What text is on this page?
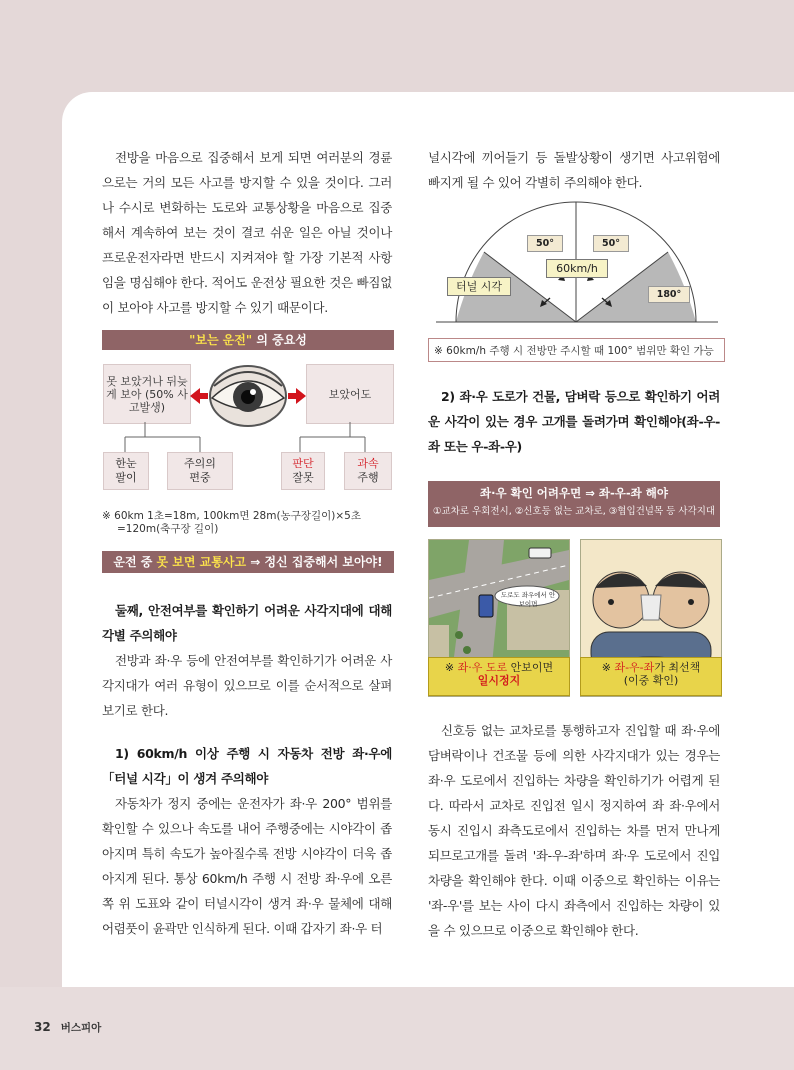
전방을 마음으로 집중해서 보게 되면 여러분의 경륜으로는 거의 모든 사고를 방지할 수 있을 것이다. 그러나 수시로 변화하는 도로와 교통상황을 마음으로 집중해서 계속하여 보는 것이 결코 쉬운 일은 아닐 것이나 프로운전자라면 반드시 지켜져야 할 가장 기본적 사항임을 명심해야 한다. 적어도 운전상 필요한 것은 빠짐없이 보아야 사고를 방지할 수 있기 때문이다.

"보는 운전" 의 중요성
못 보았거나 뒤늦게 보아 (50% 사고발생)
보았어도
한눈
팔이
주의의
편중
판단
잘못
과속
주행
※ 60km 1초=18m, 100km면 28m(농구장길이)×5초
=120m(축구장 길이)
운전 중 못 보면 교통사고 ⇒ 정신 집중해서 보아야!

둘째, 안전여부를 확인하기 어려운 사각지대에 대해 각별 주의해야

전방과 좌·우 등에 안전여부를 확인하기가 어려운 사각지대가 여러 유형이 있으므로 이를 순서적으로 살펴보기로 한다.

1) 60km/h 이상 주행 시 자동차 전방 좌·우에 「터널 시각」이 생겨 주의해야

자동차가 정지 중에는 운전자가 좌·우 200° 범위를 확인할 수 있으나 속도를 내어 주행중에는 시야각이 좁아지며 특히 속도가 높아질수록 전방 시야각이 더욱 좁아지게 된다. 통상 60km/h 주행 시 전방 좌·우에 오른쪽 위 도표와 같이 터널시각이 생겨 좌·우 물체에 대해 어렴풋이 윤곽만 인식하게 된다. 이때 갑자기 좌·우 터

널시각에 끼어들기 등 돌발상황이 생기면 사고위험에 빠지게 될 수 있어 각별히 주의해야 한다.

50°	50°
60km/h
터널 시각
180°
※ 60km/h 주행 시 전방만 주시할 때 100° 범위만 확인 가능

2) 좌·우 도로가 건물, 담벼락 등으로 확인하기 어려운 사각이 있는 경우 고개를 돌려가며 확인해야(좌-우-좌 또는 우-좌-우)

좌·우 확인 어려우면 ⇒ 좌-우-좌 해야
①교차로 우회전시, ②신호등 없는 교차로, ③협입건널목 등 사각지대
도로도 좌우에서 안 보이면
※ 좌·우 도로 안보이면
일시정지
※ 좌-우-좌가 최선책
(이중 확인)

신호등 없는 교차로를 통행하고자 진입할 때 좌·우에 담벼락이나 건조물 등에 의한 사각지대가 있는 경우는 좌·우 도로에서 진입하는 차량을 확인하기가 어렵게 된다. 따라서 교차로 진입전 일시 정지하여 좌 좌·우에서 동시 진입시 좌측도로에서 진입하는 차를 먼저 만나게 되므로고개를 돌려 '좌-우-좌'하며 좌·우 도로에서 진입차량을 확인해야 한다. 이때 이중으로 확인하는 이유는 '좌-우'를 보는 사이 다시 좌측에서 진입하는 차량이 있을 수 있으므로 이중으로 확인해야 한다.

32 버스피아
